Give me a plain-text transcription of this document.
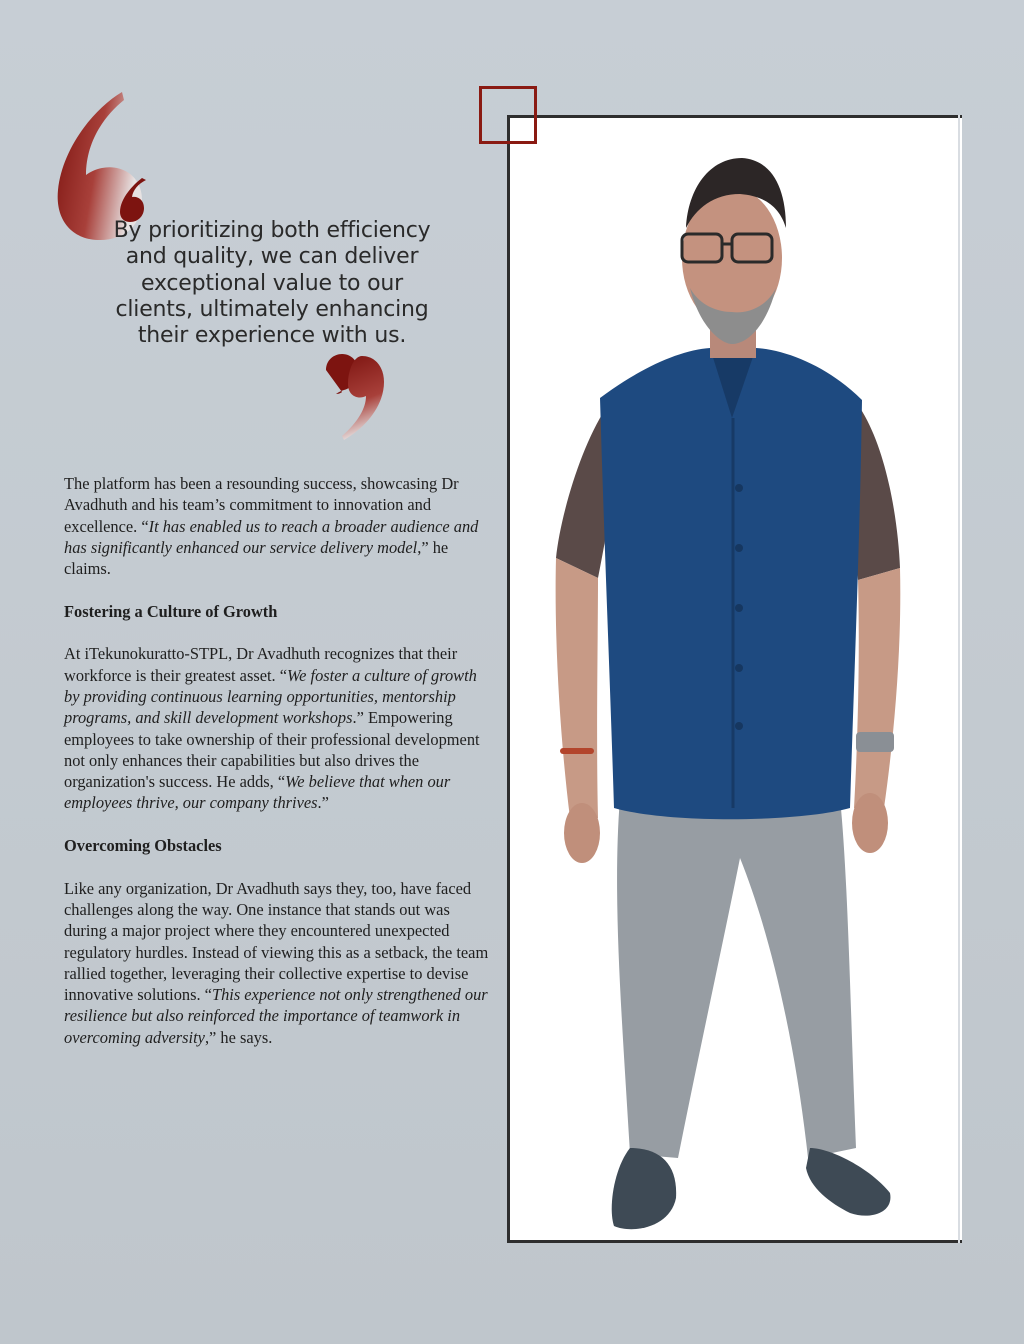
By prioritizing both efficiency and quality, we can deliver exceptional value to our clients, ultimately enhancing their experience with us.

The platform has been a resounding success, showcasing Dr Avadhuth and his team’s commitment to innovation and excellence. “It has enabled us to reach a broader audience and has significantly enhanced our service delivery model,” he claims.

Fostering a Culture of Growth

At iTekunokuratto-STPL, Dr Avadhuth recognizes that their workforce is their greatest asset. “We foster a culture of growth by providing continuous learning opportunities, mentorship programs, and skill development workshops.” Empowering employees to take ownership of their professional development not only enhances their capabilities but also drives the organization's success. He adds, “We believe that when our employees thrive, our company thrives.”

Overcoming Obstacles

Like any organization, Dr Avadhuth says they, too, have faced challenges along the way. One instance that stands out was during a major project where they encountered unexpected regulatory hurdles. Instead of viewing this as a setback, the team rallied together, leveraging their collective expertise to devise innovative solutions. “This experience not only strengthened our resilience but also reinforced the importance of teamwork in overcoming adversity,” he says.
